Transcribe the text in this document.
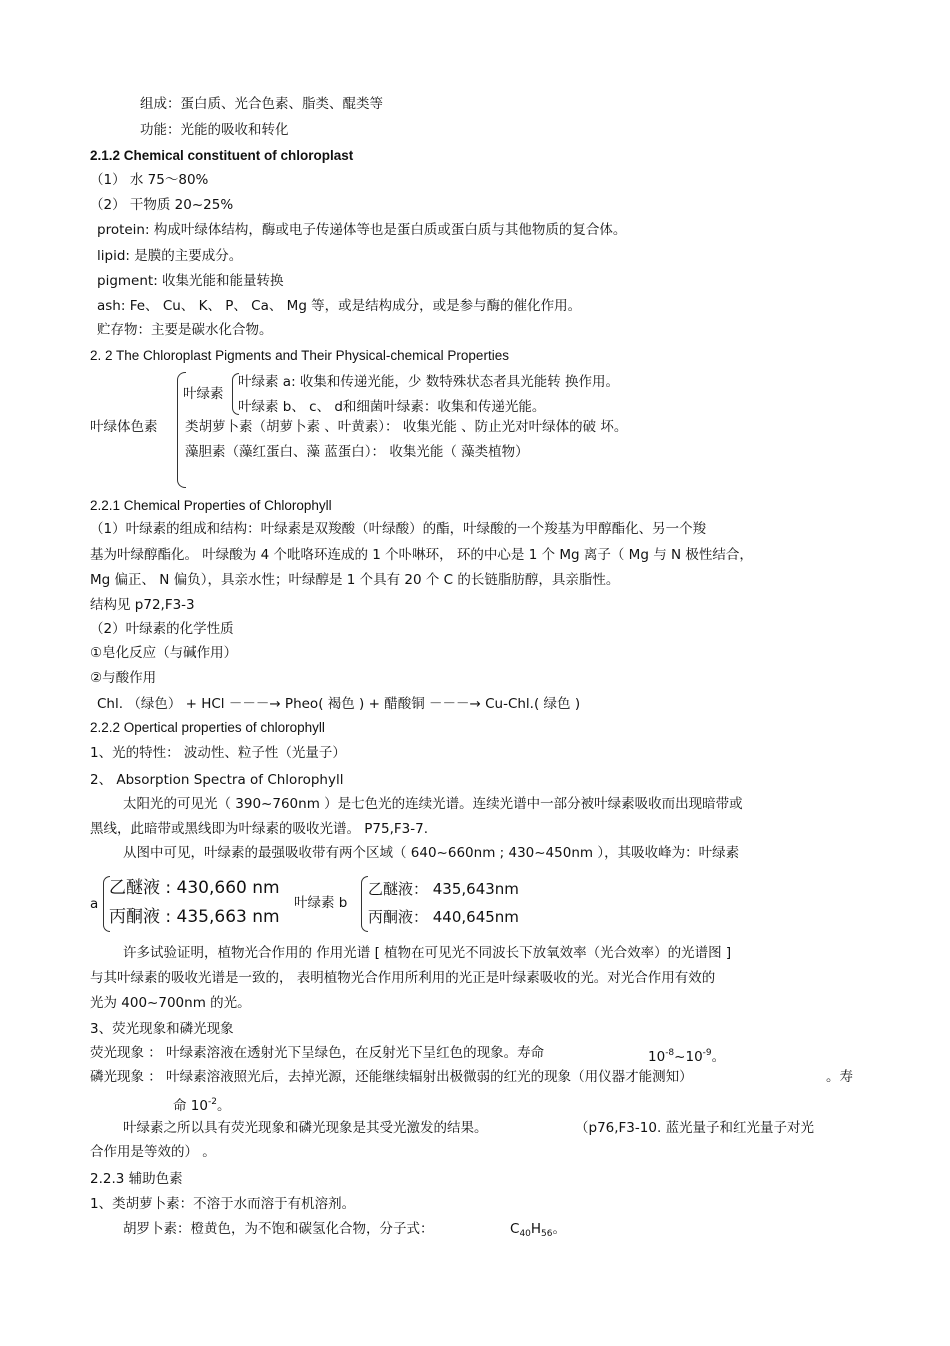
组成：蛋白质、光合色素、脂类、醌类等
功能：光能的吸收和转化
2.1.2 Chemical constituent of chloroplast
（1） 水 75～80%
（2） 干物质 20~25%
protein: 构成叶绿体结构，酶或电子传递体等也是蛋白质或蛋白质与其他物质的复合体。
lipid: 是膜的主要成分。
pigment: 收集光能和能量转换
ash: Fe、 Cu、 K、 P、 Ca、 Mg 等，或是结构成分，或是参与酶的催化作用。
贮存物：主要是碳水化合物。
2. 2 The Chloroplast Pigments and Their Physical-chemical Properties
叶绿体色素
叶绿素
叶绿素 a: 收集和传递光能，少 数特殊状态者具光能转 换作用。
叶绿素 b、 c、 d和细菌叶绿素：收集和传递光能。
类胡萝卜素（胡萝卜素 、叶黄素）： 收集光能 、防止光对叶绿体的破 坏。
藻胆素（藻红蛋白、藻 蓝蛋白）： 收集光能（ 藻类植物）
2.2.1 Chemical Properties of Chlorophyll
（1）叶绿素的组成和结构：叶绿素是双羧酸（叶绿酸）的酯，叶绿酸的一个羧基为甲醇酯化、另一个羧
基为叶绿醇酯化。 叶绿酸为 4 个吡咯环连成的 1 个卟啉环， 环的中心是 1 个 Mg 离子（ Mg 与 N 极性结合，
Mg 偏正、 N 偏负），具亲水性；叶绿醇是 1 个具有 20 个 C 的长链脂肪醇，具亲脂性。
结构见 p72,F3-3
（2）叶绿素的化学性质
①皂化反应（与碱作用）
②与酸作用
Chl. （绿色） + HCl －－－→ Pheo( 褐色 ) + 醋酸铜 －－－→ Cu-Chl.( 绿色 )
2.2.2 Opertical properties of chlorophyll
1、光的特性： 波动性、粒子性（光量子）
2、 Absorption Spectra of Chlorophyll
太阳光的可见光（ 390~760nm ）是七色光的连续光谱。连续光谱中一部分被叶绿素吸收而出现暗带或
黑线，此暗带或黑线即为叶绿素的吸收光谱。 P75,F3-7.
从图中可见，叶绿素的最强吸收带有两个区域（ 640~660nm ; 430~450nm ），其吸收峰为：叶绿素
a
乙醚液 : 430,660 nm
丙酮液 : 435,663 nm
叶绿素 b
乙醚液： 435,643nm
丙酮液： 440,645nm
许多试验证明，植物光合作用的 作用光谱 [ 植物在可见光不同波长下放氧效率（光合效率）的光谱图 ]
与其叶绿素的吸收光谱是一致的， 表明植物光合作用所利用的光正是叶绿素吸收的光。对光合作用有效的
光为 400~700nm 的光。
3、荧光现象和磷光现象
荧光现象 ： 叶绿素溶液在透射光下呈绿色，在反射光下呈红色的现象。寿命	$10^{-8}\sim 10^{-9}$。
磷光现象 ： 叶绿素溶液照光后，去掉光源，还能继续辐射出极微弱的红光的现象（用仪器才能测知）	。寿
命 $10^{-2}$。
叶绿素之所以具有荧光现象和磷光现象是其受光激发的结果。	（p76,F3-10. 蓝光量子和红光量子对光
合作用是等效的） 。
2.2.3 辅助色素
1、类胡萝卜素：不溶于水而溶于有机溶剂。
胡罗卜素：橙黄色，为不饱和碳氢化合物，分子式：	$C_{40}H_{56}$。
